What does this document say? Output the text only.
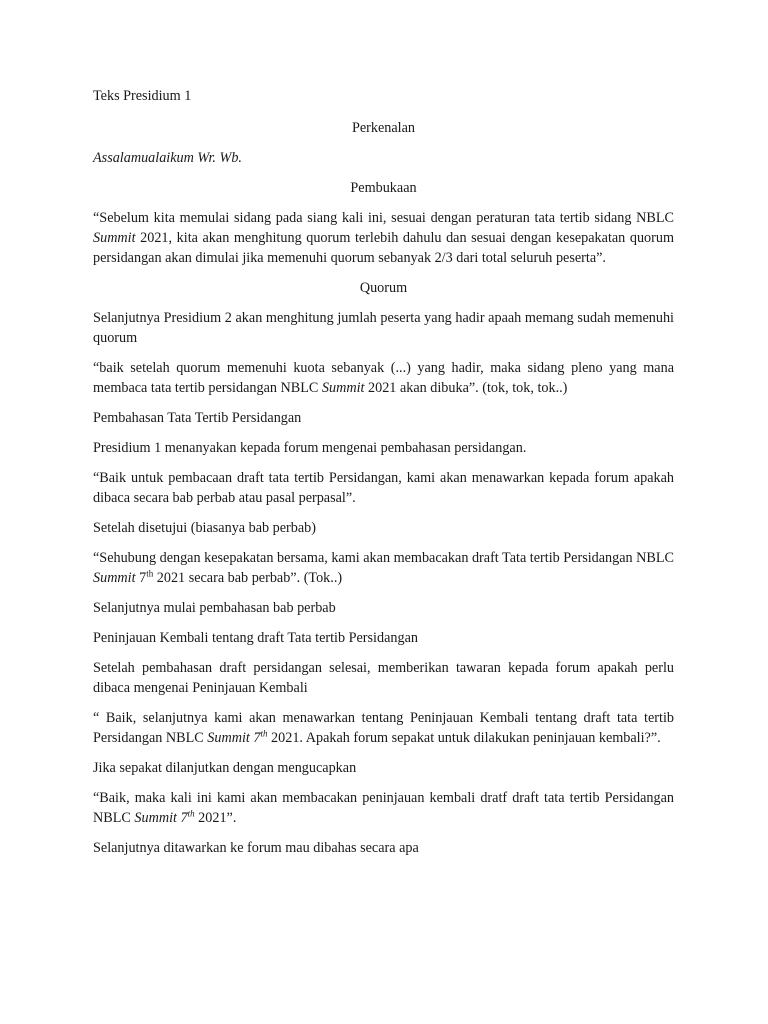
Teks Presidium 1

Perkenalan

Assalamualaikum Wr. Wb.

Pembukaan

“Sebelum kita memulai sidang pada siang kali ini, sesuai dengan peraturan tata tertib sidang NBLC Summit 2021, kita akan menghitung quorum terlebih dahulu dan sesuai dengan kesepakatan quorum persidangan akan dimulai jika memenuhi quorum sebanyak 2/3 dari total seluruh peserta”.

Quorum

Selanjutnya Presidium 2 akan menghitung jumlah peserta yang hadir apaah memang sudah memenuhi quorum

“baik setelah quorum memenuhi kuota sebanyak (...) yang hadir, maka sidang pleno yang mana membaca tata tertib persidangan NBLC Summit 2021 akan dibuka”. (tok, tok, tok..)

Pembahasan Tata Tertib Persidangan

Presidium 1 menanyakan kepada forum mengenai pembahasan persidangan.

“Baik untuk pembacaan draft tata tertib Persidangan, kami akan menawarkan kepada forum apakah dibaca secara bab perbab atau pasal perpasal”.

Setelah disetujui (biasanya bab perbab)

“Sehubung dengan kesepakatan bersama, kami akan membacakan draft Tata tertib Persidangan NBLC Summit 7th 2021 secara bab perbab”. (Tok..)

Selanjutnya mulai pembahasan bab perbab

Peninjauan Kembali tentang draft Tata tertib Persidangan

Setelah pembahasan draft persidangan selesai, memberikan tawaran kepada forum apakah perlu dibaca mengenai Peninjauan Kembali

“ Baik, selanjutnya kami akan menawarkan tentang Peninjauan Kembali tentang draft tata tertib Persidangan NBLC Summit 7th 2021. Apakah forum sepakat untuk dilakukan peninjauan kembali?”.

Jika sepakat dilanjutkan dengan mengucapkan

“Baik, maka kali ini kami akan membacakan peninjauan kembali dratf draft tata tertib Persidangan NBLC Summit 7th 2021”.

Selanjutnya ditawarkan ke forum mau dibahas secara apa
